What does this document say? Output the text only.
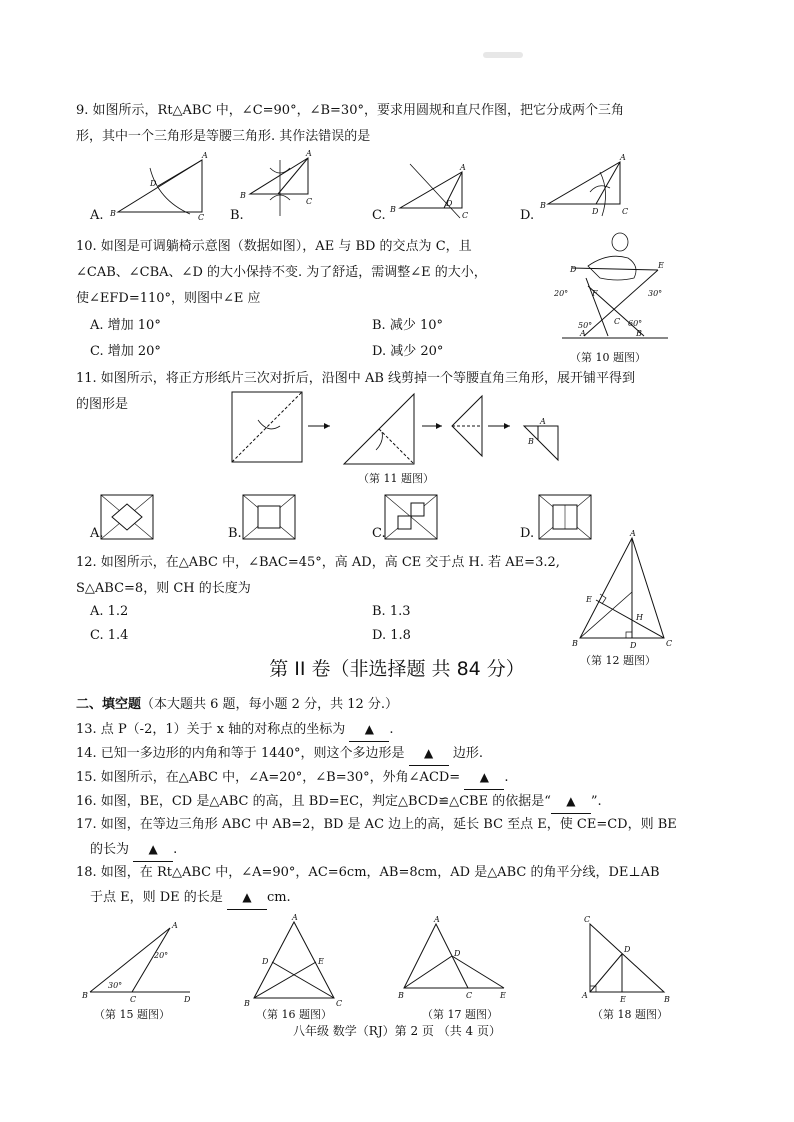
9. 如图所示，Rt△ABC 中，∠C=90°，∠B=30°，要求用圆规和直尺作图，把它分成两个三角
形，其中一个三角形是等腰三角形. 其作法错误的是
A.
A
B
D
C B.
A
B
C
C.
A
B
D
C	D.
A
B
D	C
10. 如图是可调躺椅示意图（数据如图），AE 与 BD 的交点为 C，且
∠CAB、∠CBA、∠D 的大小保持不变. 为了舒适，需调整∠E 的大小，
使∠EFD=110°，则图中∠E 应
A. 增加 10°	B. 减少 10°
C. 增加 20°	D. 减少 20°
D	E
F
20°	30°
50°	60°
C
A	B
（第 10 题图）
11. 如图所示，将正方形纸片三次对折后，沿图中 AB 线剪掉一个等腰直角三角形，展开铺平得到
的图形是
A
B
（第 11 题图）
A.	B.	C.	D.
12. 如图所示，在△ABC 中，∠BAC=45°，高 AD，高 CE 交于点 H. 若 AE=3.2,
S△ABC=8，则 CH 的长度为
A. 1.2	B. 1.3
C. 1.4	D. 1.8
A
B	D	C
E
H
（第 12 题图）
第 II 卷（非选择题 共 84 分）
二、填空题（本大题共 6 题，每小题 2 分，共 12 分.）
13. 点 P（-2，1）关于 x 轴的对称点的坐标为 ▲ .
14. 已知一多边形的内角和等于 1440°，则这个多边形是 ▲ 边形.
15. 如图所示，在△ABC 中，∠A=20°，∠B=30°，外角∠ACD= ▲ .
16. 如图，BE，CD 是△ABC 的高，且 BD=EC，判定△BCD≌△CBE 的依据是“ ▲ ”.
17. 如图，在等边三角形 ABC 中 AB=2，BD 是 AC 边上的高，延长 BC 至点 E，使 CE=CD，则 BE
的长为 ▲ .
18. 如图，在 Rt△ABC 中，∠A=90°，AC=6cm，AB=8cm，AD 是△ABC 的角平分线，DE⊥AB
于点 E，则 DE 的长是 ▲ cm.
A
B	C	D
30°
20°
（第 15 题图）
A
B	C
D	E
（第 16 题图）
A
B	C
D
E
（第 17 题图）
C
D
A	E	B
（第 18 题图）
八年级 数学（RJ）第 2 页 （共 4 页）
